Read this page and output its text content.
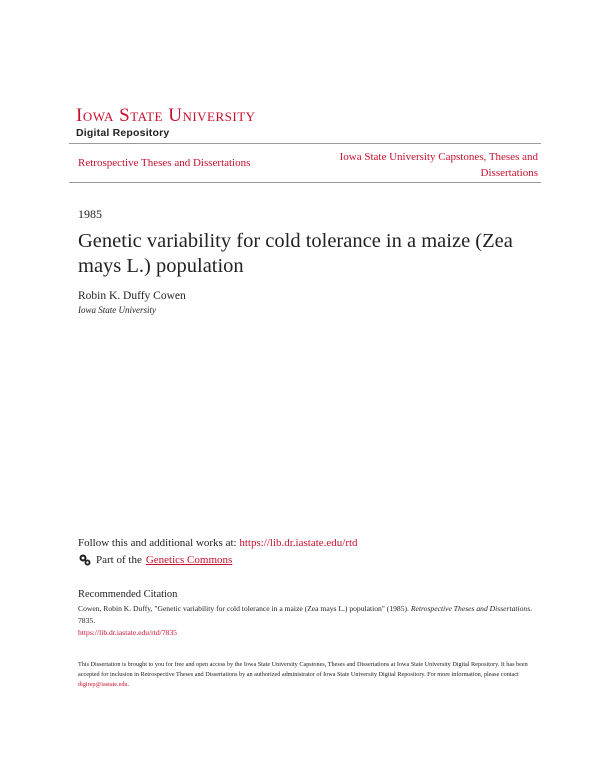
Iowa State University
Digital Repository
Retrospective Theses and Dissertations	Iowa State University Capstones, Theses and Dissertations
1985
Genetic variability for cold tolerance in a maize (Zea mays L.) population
Robin K. Duffy Cowen
Iowa State University
Follow this and additional works at: https://lib.dr.iastate.edu/rtd
Part of the Genetics Commons
Recommended Citation
Cowen, Robin K. Duffy, "Genetic variability for cold tolerance in a maize (Zea mays L.) population" (1985). Retrospective Theses and Dissertations. 7835.
https://lib.dr.iastate.edu/rtd/7835
This Dissertation is brought to you for free and open access by the Iowa State University Capstones, Theses and Dissertations at Iowa State University Digital Repository. It has been accepted for inclusion in Retrospective Theses and Dissertations by an authorized administrator of Iowa State University Digital Repository. For more information, please contact digirep@iastate.edu.
